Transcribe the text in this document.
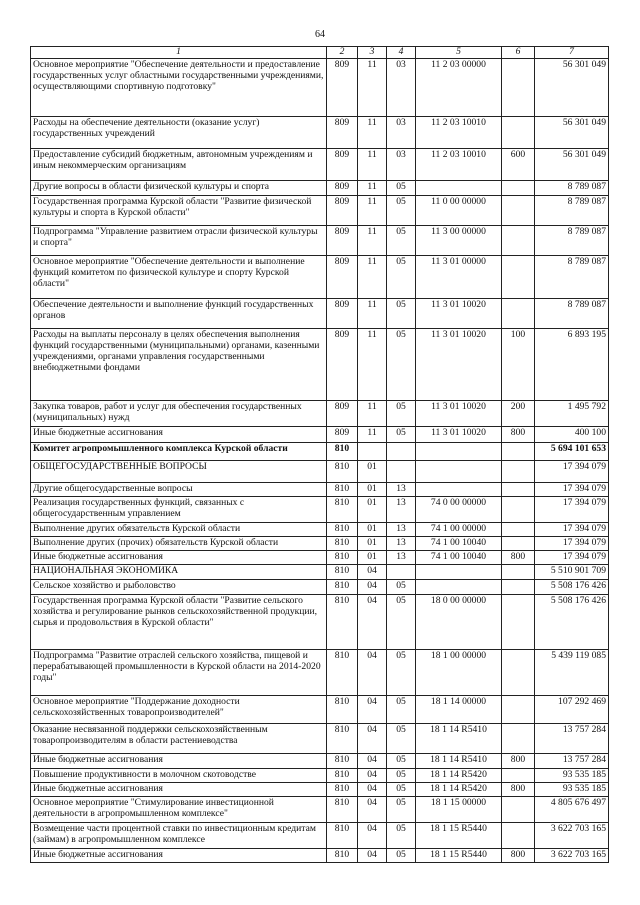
64
1	2	3	4	5	6	7
Основное мероприятие "Обеспечение деятельности и предоставление государственных услуг областными государственными учреждениями, осуществляющими спортивную подготовку"	809	11	03	11 2 03 00000		56 301 049
Расходы на обеспечение деятельности (оказание услуг) государственных учреждений	809	11	03	11 2 03 10010		56 301 049
Предоставление субсидий бюджетным, автономным учреждениям и иным некоммерческим организациям	809	11	03	11 2 03 10010	600	56 301 049
Другие вопросы в области физической культуры и спорта	809	11	05			8 789 087
Государственная программа Курской области "Развитие физической культуры и спорта в Курской области"	809	11	05	11 0 00 00000		8 789 087
Подпрограмма "Управление развитием отрасли физической культуры и спорта"	809	11	05	11 3 00 00000		8 789 087
Основное мероприятие "Обеспечение деятельности и выполнение функций комитетом по физической культуре и спорту Курской области"	809	11	05	11 3 01 00000		8 789 087
Обеспечение деятельности и выполнение функций государственных органов	809	11	05	11 3 01 10020		8 789 087
Расходы на выплаты персоналу в целях обеспечения выполнения функций государственными (муниципальными) органами, казенными учреждениями, органами управления государственными внебюджетными фондами	809	11	05	11 3 01 10020	100	6 893 195
Закупка товаров, работ и услуг для обеспечения государственных (муниципальных) нужд	809	11	05	11 3 01 10020	200	1 495 792
Иные бюджетные ассигнования	809	11	05	11 3 01 10020	800	400 100
Комитет агропромышленного комплекса Курской области	810					5 694 101 653
ОБЩЕГОСУДАРСТВЕННЫЕ ВОПРОСЫ	810	01				17 394 079
Другие общегосударственные вопросы	810	01	13			17 394 079
Реализация государственных функций, связанных с общегосударственным управлением	810	01	13	74 0 00 00000		17 394 079
Выполнение других обязательств Курской области	810	01	13	74 1 00 00000		17 394 079
Выполнение других (прочих) обязательств Курской области	810	01	13	74 1 00 10040		17 394 079
Иные бюджетные ассигнования	810	01	13	74 1 00 10040	800	17 394 079
НАЦИОНАЛЬНАЯ ЭКОНОМИКА	810	04				5 510 901 709
Сельское хозяйство и рыболовство	810	04	05			5 508 176 426
Государственная программа Курской области "Развитие сельского хозяйства и регулирование рынков сельскохозяйственной продукции, сырья и продовольствия в Курской области"	810	04	05	18 0 00 00000		5 508 176 426
Подпрограмма "Развитие отраслей сельского хозяйства, пищевой и перерабатывающей промышленности в Курской области на 2014-2020 годы"	810	04	05	18 1 00 00000		5 439 119 085
Основное мероприятие "Поддержание доходности сельскохозяйственных товаропроизводителей"	810	04	05	18 1 14 00000		107 292 469
Оказание несвязанной поддержки сельскохозяйственным товаропроизводителям в области растениеводства	810	04	05	18 1 14 R5410		13 757 284
Иные бюджетные ассигнования	810	04	05	18 1 14 R5410	800	13 757 284
Повышение продуктивности в молочном скотоводстве	810	04	05	18 1 14 R5420		93 535 185
Иные бюджетные ассигнования	810	04	05	18 1 14 R5420	800	93 535 185
Основное мероприятие "Стимулирование инвестиционной деятельности в агропромышленном комплексе"	810	04	05	18 1 15 00000		4 805 676 497
Возмещение части процентной ставки по инвестиционным кредитам (займам) в агропромышленном комплексе	810	04	05	18 1 15 R5440		3 622 703 165
Иные бюджетные ассигнования	810	04	05	18 1 15 R5440	800	3 622 703 165
